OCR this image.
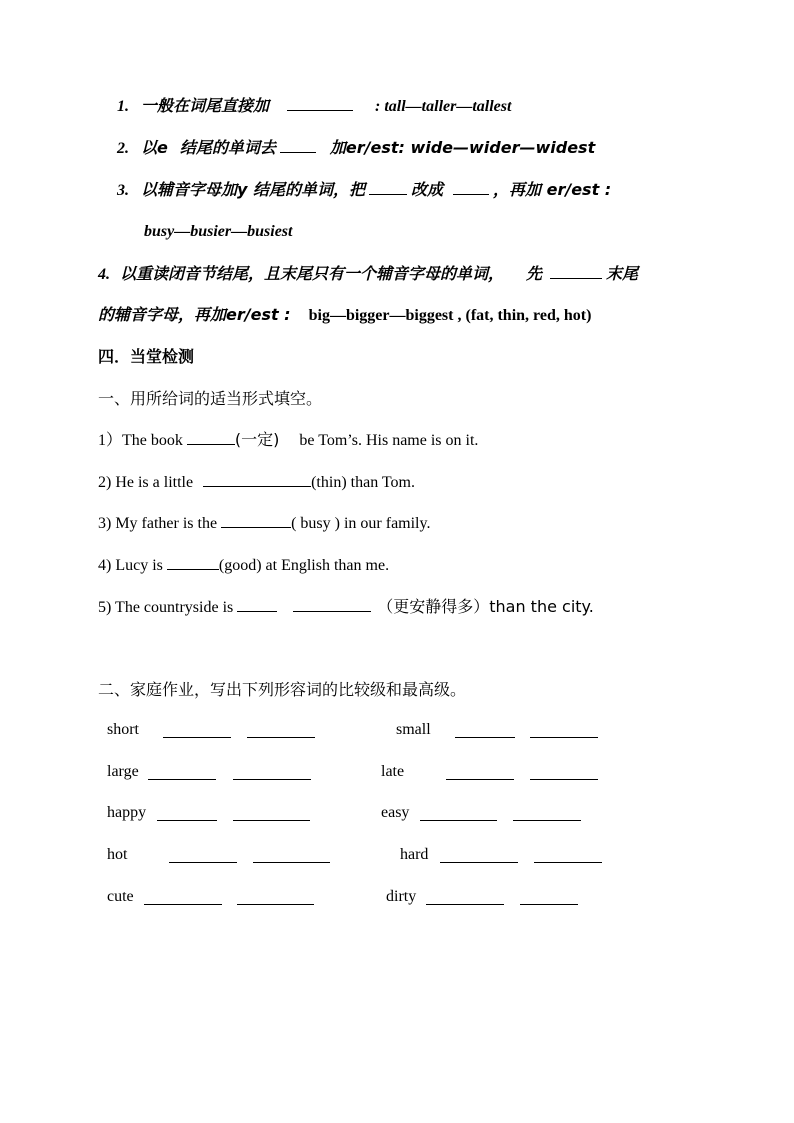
1. 一般在词尾直接加	: tall—taller—tallest
2. 以e 结尾的单词去	加er/est: wide—wider—widest
3. 以辅音字母加y 结尾的单词，把	改成	，再加 er/est :
busy—busier—busiest
4. 以重读闭音节结尾，且末尾只有一个辅音字母的单词， 先	末尾
的辅音字母，再加er/est : big—bigger—biggest , (fat, thin, red, hot)
四．当堂检测
一、用所给词的适当形式填空。
1）The book	(一定) be Tom’s. His name is on it.
2) He is a little	(thin) than Tom.
3) My father is the	( busy ) in our family.
4) Lucy is	(good) at English than me.
5) The countryside is	（更安静得多）than the city.
二、家庭作业，写出下列形容词的比较级和最高级。
short	small
large	late
happy	easy
hot	hard
cute	dirty
